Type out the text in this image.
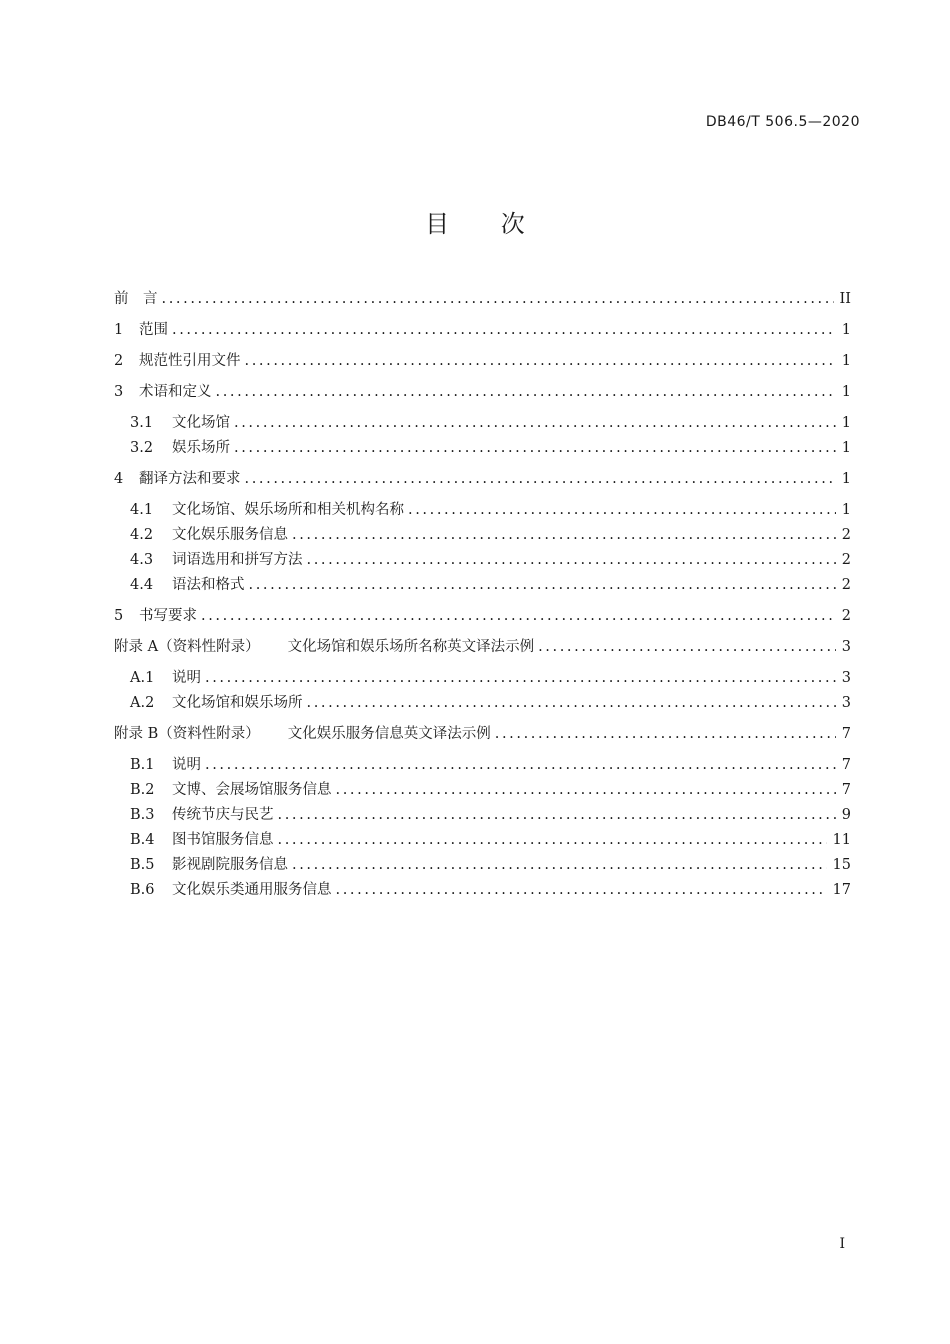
DB46/T 506.5—2020
目 次
前　言 .....	II
1	范围 .....	1
2	规范性引用文件 .....	1
3	术语和定义 .....	1
3.1	文化场馆 .....	1
3.2	娱乐场所 .....	1
4	翻译方法和要求 .....	1
4.1	文化场馆、娱乐场所和相关机构名称 .....	1
4.2	文化娱乐服务信息 .....	2
4.3	词语选用和拼写方法 .....	2
4.4	语法和格式 .....	2
5	书写要求 .....	2
附录 A（资料性附录） 文化场馆和娱乐场所名称英文译法示例 .....	3
A.1	说明 .....	3
A.2	文化场馆和娱乐场所 .....	3
附录 B（资料性附录） 文化娱乐服务信息英文译法示例 .....	7
B.1	说明 .....	7
B.2	文博、会展场馆服务信息 .....	7
B.3	传统节庆与民艺 .....	9
B.4	图书馆服务信息 .....	11
B.5	影视剧院服务信息 .....	15
B.6	文化娱乐类通用服务信息 .....	17
I
